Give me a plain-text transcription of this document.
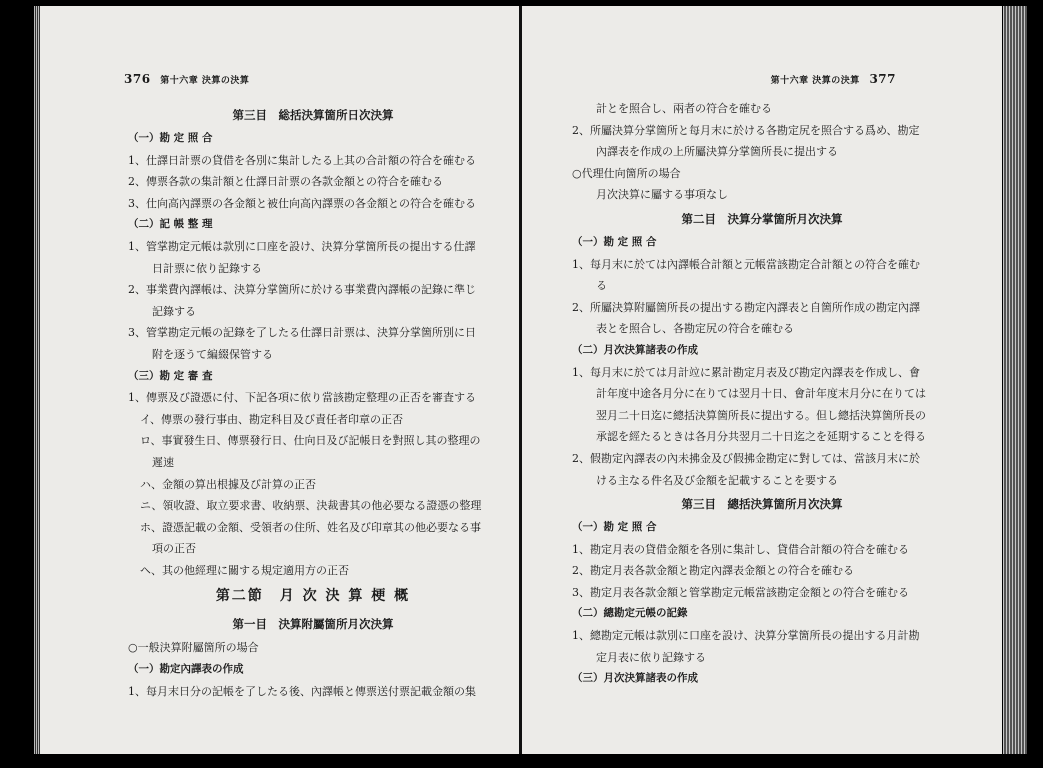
376 第十六章 決算の決算
第三目　総括決算箇所日次決算
（一）勘 定 照 合
1、仕譯日計票の貸借を各別に集計したる上其の合計額の符合を確むる
2、傳票各款の集計額と仕譯日計票の各款金額との符合を確むる
3、仕向高內譯票の各金額と被仕向高內譯票の各金額との符合を確むる
（二）記 帳 整 理
1、管掌勘定元帳は款別に口座を設け、決算分掌箇所長の提出する仕譯
日計票に依り記錄する
2、事業費內譯帳は、決算分掌箇所に於ける事業費內譯帳の記錄に準じ
記錄する
3、管掌勘定元帳の記錄を了したる仕譯日計票は、決算分掌箇所別に日
附を逐うて編綴保管する
（三）勘 定 審 査
1、傳票及び證憑に付、下記各項に依り當該勘定整理の正否を審査する
イ、傳票の發行事由、勘定科目及び責任者印章の正否
ロ、事實發生日、傳票發行日、仕向日及び記帳日を對照し其の整理の
遲速
ハ、金額の算出根據及び計算の正否
ニ、領收證、取立要求書、收納票、決裁書其の他必要なる證憑の整理
ホ、證憑記載の金額、受領者の住所、姓名及び印章其の他必要なる事
項の正否
ヘ、其の他經理に關する規定適用方の正否
第二節　月 次 決 算 梗 概
第一目　決算附屬箇所月次決算
○一般決算附屬箇所の場合
（一）勘定內譯表の作成
1、每月末日分の記帳を了したる後、內譯帳と傳票送付票記載金額の集
第十六章 決算の決算 377
計とを照合し、兩者の符合を確むる
2、所屬決算分掌箇所と每月末に於ける各勘定尻を照合する爲め、勘定
內譯表を作成の上所屬決算分掌箇所長に提出する
○代理仕向箇所の場合
月次決算に屬する事項なし
第二目　決算分掌箇所月次決算
（一）勘 定 照 合
1、每月末に於ては內譯帳合計額と元帳當該勘定合計額との符合を確む
る
2、所屬決算附屬箇所長の提出する勘定內譯表と自箇所作成の勘定內譯
表とを照合し、各勘定尻の符合を確むる
（二）月次決算諸表の作成
1、每月末に於ては月計竝に累計勘定月表及び勘定內譯表を作成し、會
計年度中途各月分に在りては翌月十日、會計年度末月分に在りては
翌月二十日迄に總括決算箇所長に提出する。但し總括決算箇所長の
承認を經たるときは各月分共翌月二十日迄之を延期することを得る
2、假勘定內譯表の內未拂金及び假拂金勘定に對しては、當該月末に於
ける主なる件名及び金額を記載することを要する
第三目　總括決算箇所月次決算
（一）勘 定 照 合
1、勘定月表の貸借金額を各別に集計し、貸借合計額の符合を確むる
2、勘定月表各款金額と勘定內譯表金額との符合を確むる
3、勘定月表各款金額と管掌勘定元帳當該勘定金額との符合を確むる
（二）總勘定元帳の記錄
1、總勘定元帳は款別に口座を設け、決算分掌箇所長の提出する月計勘
定月表に依り記錄する
（三）月次決算諸表の作成
